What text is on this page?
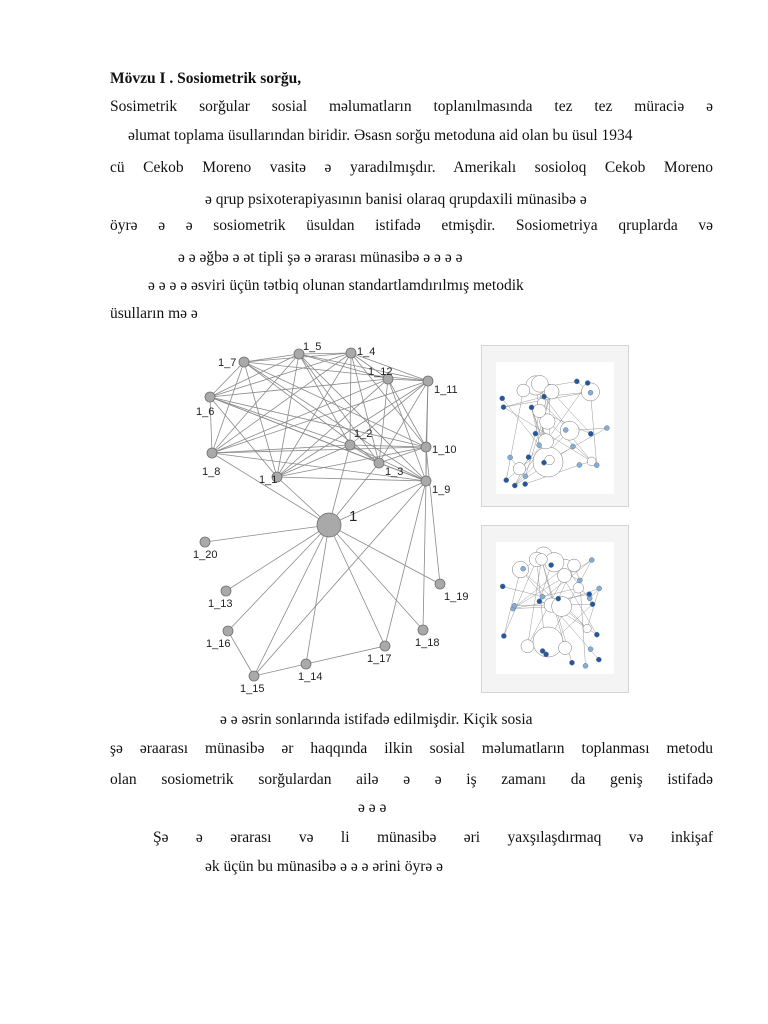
Mövzu I . Sosiometrik sorğu,
Sosimetrik sorğular sosial məlumatların toplanılmasında tez tez müraciə ə
əlumat toplama üsullarından biridir. Əsasn sorğu metoduna aid olan bu üsul 1934
cü Cekob Moreno vasitə ə yaradılmışdır. Amerikalı sosioloq Cekob Moreno
ə qrup psixoterapiyasının banisi olaraq qrupdaxili münasibə ə
öyrə ə ə sosiometrik üsuldan istifadə etmişdir. Sosiometriya qruplarda və
ə ə əğbə ə ət tipli şə ə ərarası münasibə ə ə ə ə
ə ə ə ə əsviri üçün tətbiq olunan standartlamdırılmış metodik
üsulların mə ə
1
1_2
1_3
1_4
1_5
1_6
1_7
1_8
1_9
1_10
1_11
1_12
1_13
1_14
1_15
1_16
1_17
1_18
1_19
1_20
1_1
ə ə əsrin sonlarında istifadə edilmişdir. Kiçik sosia
şə əraarası münasibə ər haqqında ilkin sosial məlumatların toplanması metodu
olan sosiometrik sorğulardan ailə ə ə iş zamanı da geniş istifadə
ə ə ə
Şə ə ərarası və li münasibə əri yaxşılaşdırmaq və inkişaf
ək üçün bu münasibə ə ə ə ərini öyrə ə
